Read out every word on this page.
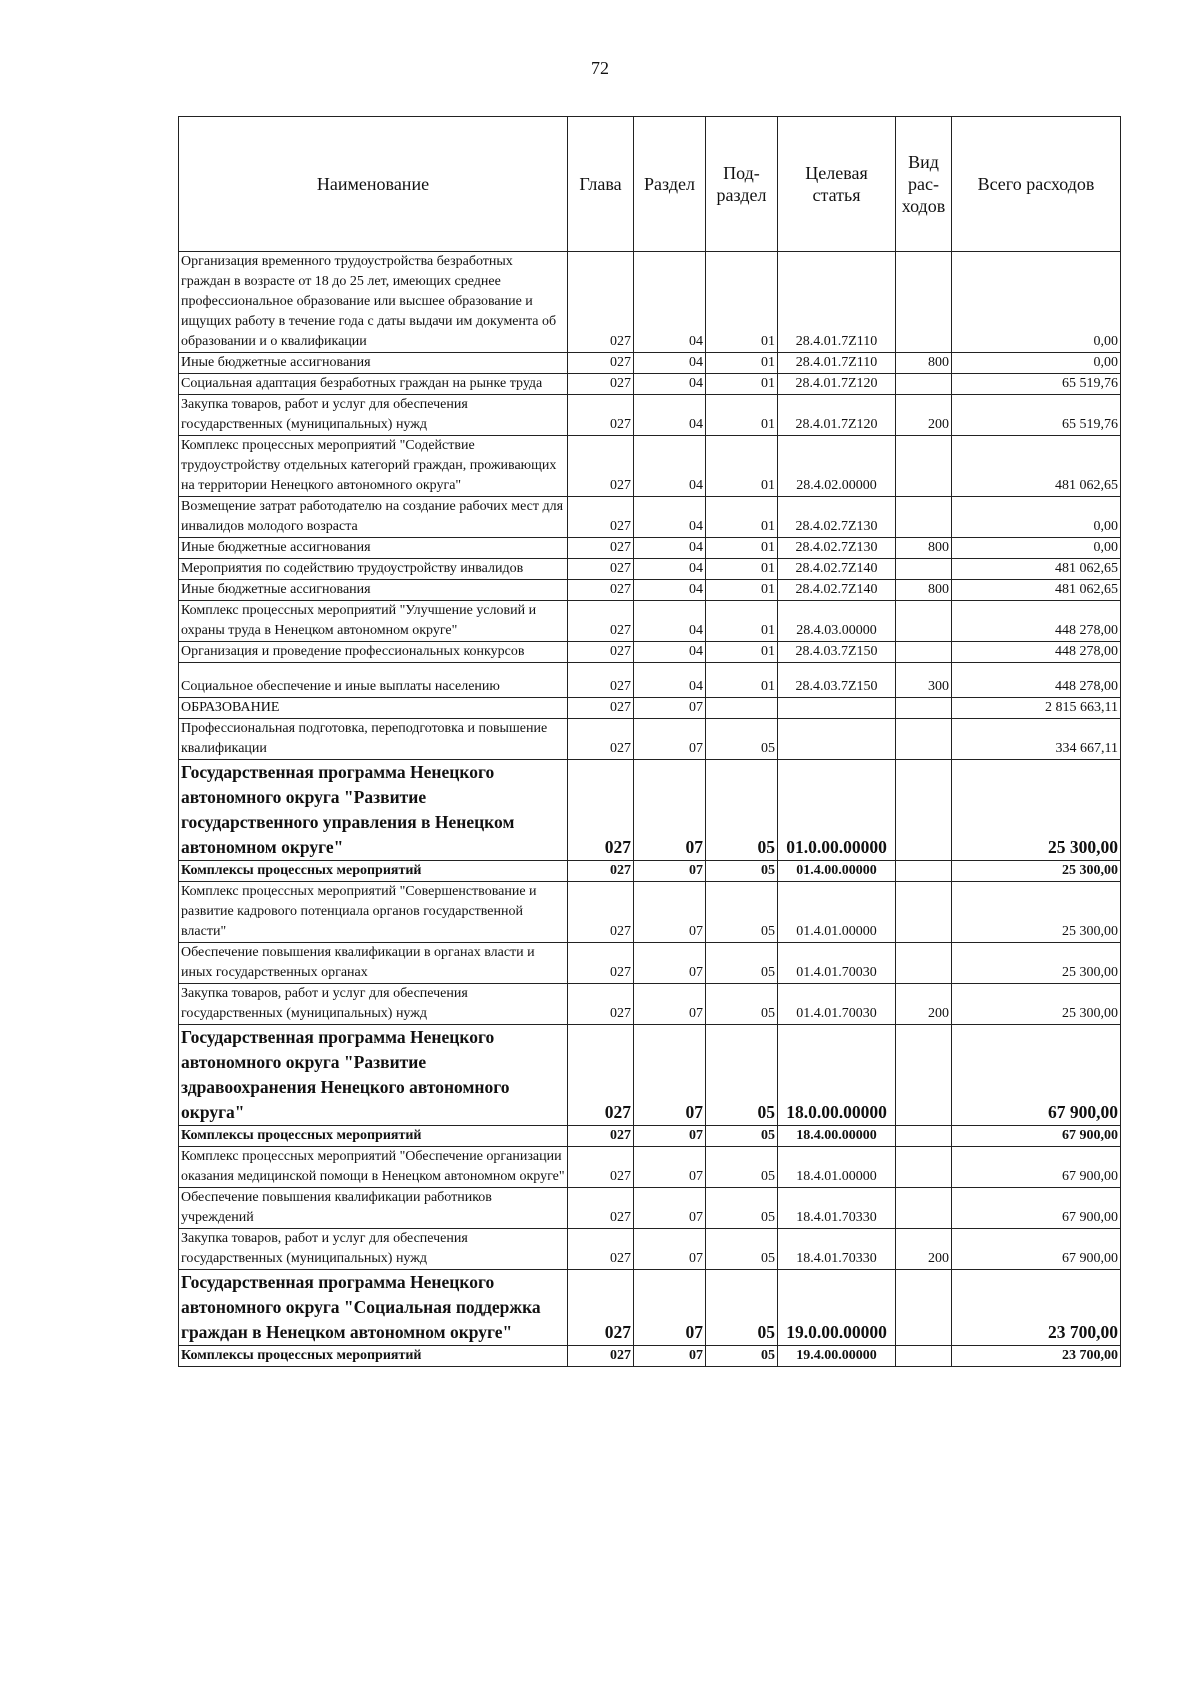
72
Наименование	Глава	Раздел	Под-раздел	Целевая статья	Вид рас-ходов	Всего расходов
Организация временного трудоустройства безработных граждан в возрасте от 18 до 25 лет, имеющих среднее профессиональное образование или высшее образование и ищущих работу в течение года с даты выдачи им документа об образовании и о квалификации	027	04	01	28.4.01.7Z110		0,00
Иные бюджетные ассигнования	027	04	01	28.4.01.7Z110	800	0,00
Социальная адаптация безработных граждан на рынке труда	027	04	01	28.4.01.7Z120		65 519,76
Закупка товаров, работ и услуг для обеспечения государственных (муниципальных) нужд	027	04	01	28.4.01.7Z120	200	65 519,76
Комплекс процессных мероприятий "Содействие трудоустройству отдельных категорий граждан, проживающих на территории Ненецкого автономного округа"	027	04	01	28.4.02.00000		481 062,65
Возмещение затрат работодателю на создание рабочих мест для инвалидов молодого возраста	027	04	01	28.4.02.7Z130		0,00
Иные бюджетные ассигнования	027	04	01	28.4.02.7Z130	800	0,00
Мероприятия по содействию трудоустройству инвалидов	027	04	01	28.4.02.7Z140		481 062,65
Иные бюджетные ассигнования	027	04	01	28.4.02.7Z140	800	481 062,65
Комплекс процессных мероприятий "Улучшение условий и охраны труда в Ненецком автономном округе"	027	04	01	28.4.03.00000		448 278,00
Организация и проведение профессиональных конкурсов	027	04	01	28.4.03.7Z150		448 278,00
Социальное обеспечение и иные выплаты населению	027	04	01	28.4.03.7Z150	300	448 278,00
ОБРАЗОВАНИЕ	027	07				2 815 663,11
Профессиональная подготовка, переподготовка и повышение квалификации	027	07	05			334 667,11
Государственная программа Ненецкого автономного округа "Развитие государственного управления в Ненецком автономном округе"	027	07	05	01.0.00.00000		25 300,00
Комплексы процессных мероприятий	027	07	05	01.4.00.00000		25 300,00
Комплекс процессных мероприятий "Совершенствование и развитие кадрового потенциала органов государственной власти"	027	07	05	01.4.01.00000		25 300,00
Обеспечение повышения квалификации в органах власти и иных государственных органах	027	07	05	01.4.01.70030		25 300,00
Закупка товаров, работ и услуг для обеспечения государственных (муниципальных) нужд	027	07	05	01.4.01.70030	200	25 300,00
Государственная программа Ненецкого автономного округа "Развитие здравоохранения Ненецкого автономного округа"	027	07	05	18.0.00.00000		67 900,00
Комплексы процессных мероприятий	027	07	05	18.4.00.00000		67 900,00
Комплекс процессных мероприятий "Обеспечение организации оказания медицинской помощи в Ненецком автономном округе"	027	07	05	18.4.01.00000		67 900,00
Обеспечение повышения квалификации работников учреждений	027	07	05	18.4.01.70330		67 900,00
Закупка товаров, работ и услуг для обеспечения государственных (муниципальных) нужд	027	07	05	18.4.01.70330	200	67 900,00
Государственная программа Ненецкого автономного округа "Социальная поддержка граждан в Ненецком автономном округе"	027	07	05	19.0.00.00000		23 700,00
Комплексы процессных мероприятий	027	07	05	19.4.00.00000		23 700,00
